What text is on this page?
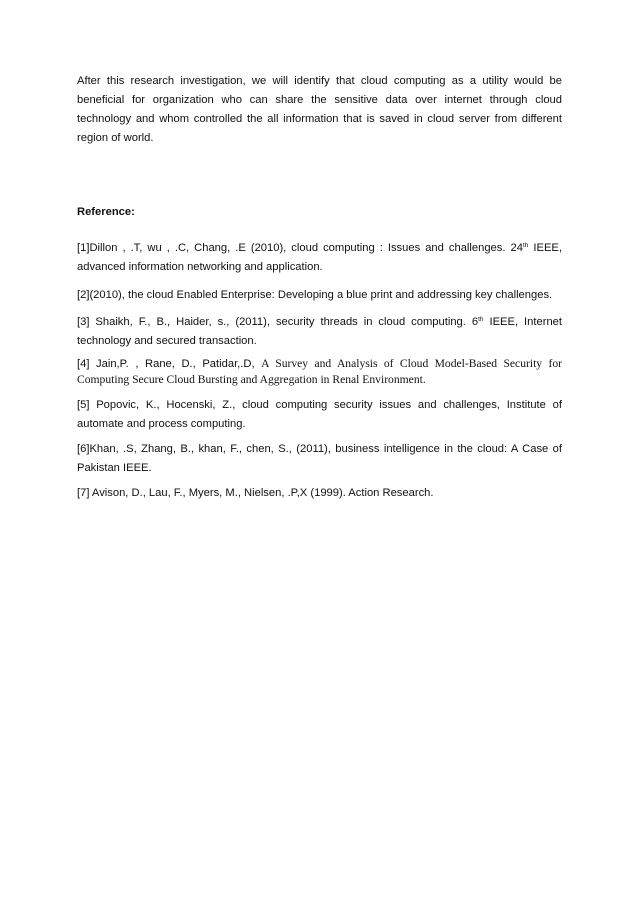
After this research investigation, we will identify that cloud computing as a utility would be beneficial for organization who can share the sensitive data over internet through cloud technology and whom controlled the all information that is saved in cloud server from different region of world.

Reference:

[1]Dillon , .T, wu , .C, Chang, .E (2010), cloud computing : Issues and challenges. 24th IEEE, advanced information networking and application.

[2](2010), the cloud Enabled Enterprise: Developing a blue print and addressing key challenges.

[3] Shaikh, F., B., Haider, s., (2011), security threads in cloud computing. 6th IEEE, Internet technology and secured transaction.

[4] Jain,P. , Rane, D., Patidar,.D, A Survey and Analysis of Cloud Model-Based Security for Computing Secure Cloud Bursting and Aggregation in Renal Environment.

[5] Popovic, K., Hocenski, Z., cloud computing security issues and challenges, Institute of automate and process computing.

[6]Khan, .S, Zhang, B., khan, F., chen, S., (2011), business intelligence in the cloud: A Case of Pakistan IEEE.

[7] Avison, D., Lau, F., Myers, M., Nielsen, .P,X (1999). Action Research.
